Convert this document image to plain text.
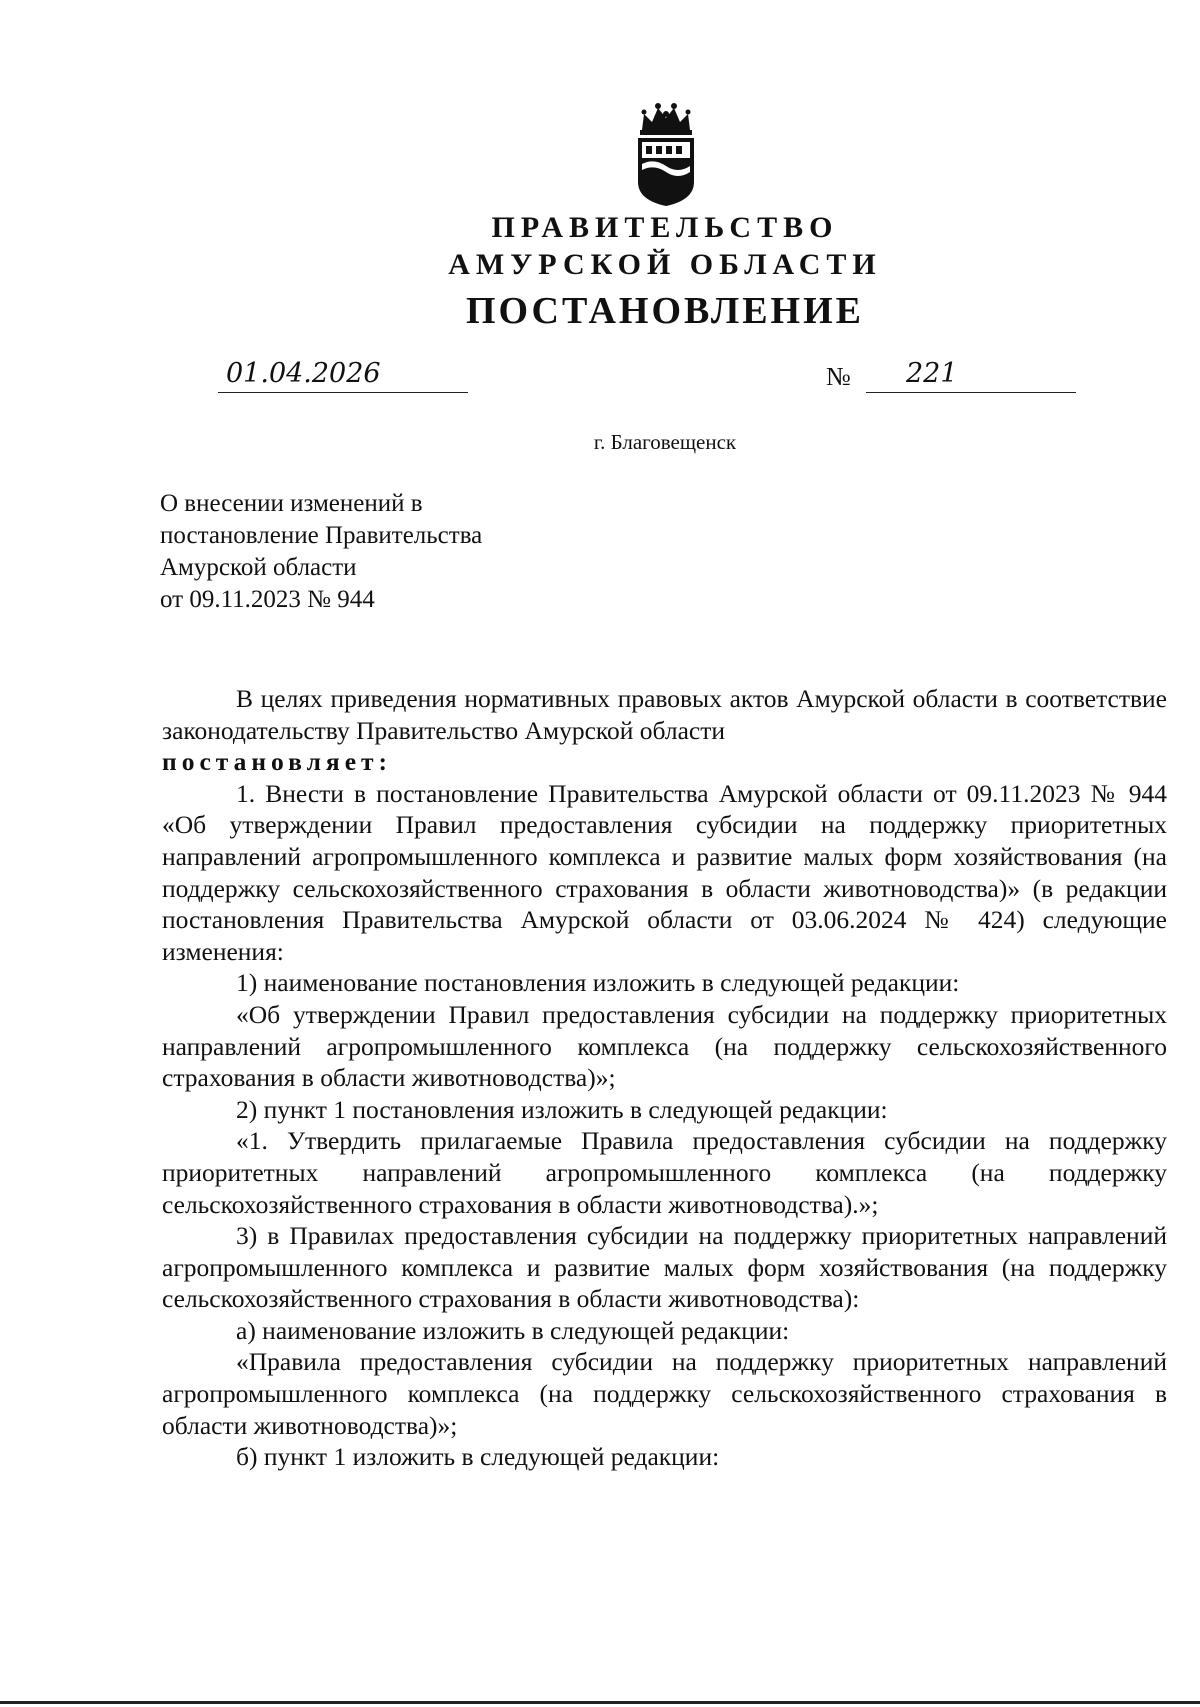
ПРАВИТЕЛЬСТВО
АМУРСКОЙ ОБЛАСТИ
ПОСТАНОВЛЕНИЕ
01.04.2026	№ 221
г. Благовещенск
О внесении изменений в
постановление Правительства
Амурской области
от 09.11.2023 № 944

В целях приведения нормативных правовых актов Амурской области в соответствие законодательству Правительство Амурской области

постановляет:

1. Внести в постановление Правительства Амурской области от 09.11.2023 № 944 «Об утверждении Правил предоставления субсидии на поддержку приоритетных направлений агропромышленного комплекса и развитие малых форм хозяйствования (на поддержку сельскохозяйственного страхования в области животноводства)» (в редакции постановления Правительства Амурской области от 03.06.2024 № 424) следующие изменения:

1) наименование постановления изложить в следующей редакции:

«Об утверждении Правил предоставления субсидии на поддержку приоритетных направлений агропромышленного комплекса (на поддержку сельскохозяйственного страхования в области животноводства)»;

2) пункт 1 постановления изложить в следующей редакции:

«1. Утвердить прилагаемые Правила предоставления субсидии на поддержку приоритетных направлений агропромышленного комплекса (на поддержку сельскохозяйственного страхования в области животноводства).»;

3) в Правилах предоставления субсидии на поддержку приоритетных направлений агропромышленного комплекса и развитие малых форм хозяйствования (на поддержку сельскохозяйственного страхования в области животноводства):

а) наименование изложить в следующей редакции:

«Правила предоставления субсидии на поддержку приоритетных направлений агропромышленного комплекса (на поддержку сельскохозяйственного страхования в области животноводства)»;

б) пункт 1 изложить в следующей редакции:
